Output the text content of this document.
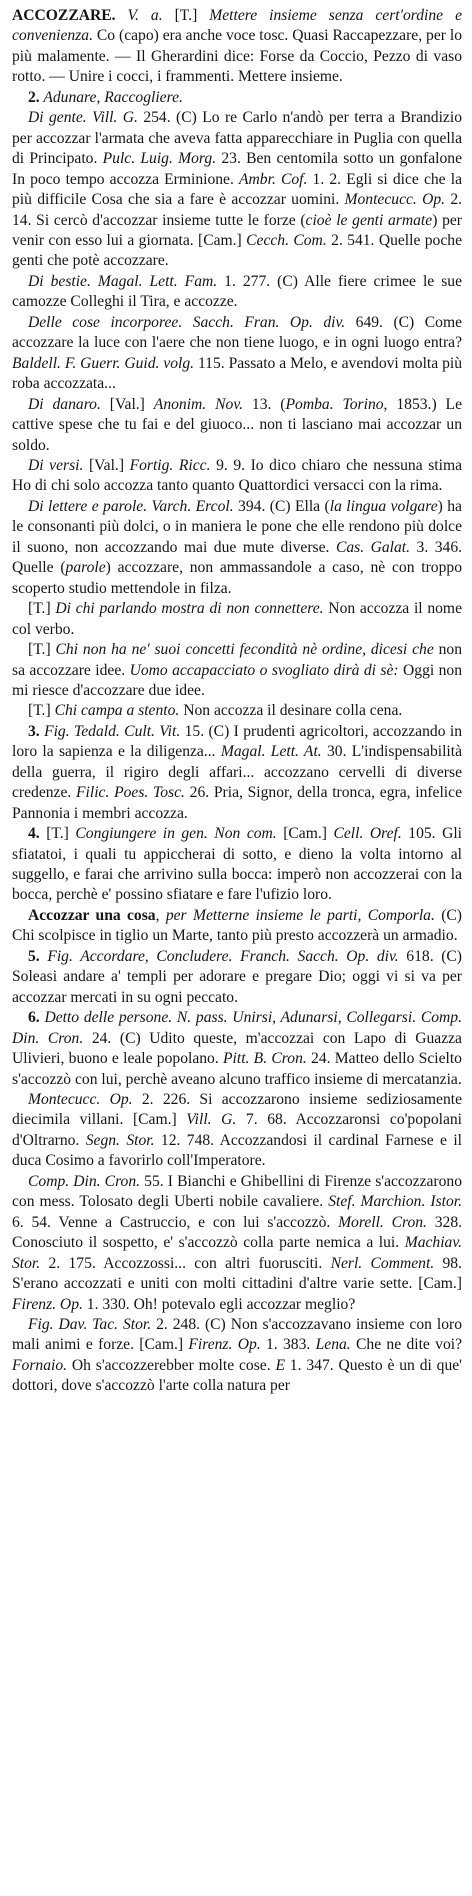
ACCOZZARE. V. a. [T.] Mettere insieme senza cert'ordine e convenienza. Co (capo) era anche voce tosc. Quasi Raccapezzare, per lo più malamente. — Il Gherardini dice: Forse da Coccio, Pezzo di vaso rotto. — Unire i cocci, i frammenti. Mettere insieme.

2. Adunare, Raccogliere.

Di gente. Vill. G. 254. (C) Lo re Carlo n'andò per terra a Brandizio per accozzar l'armata che aveva fatta apparecchiare in Puglia con quella di Principato. Pulc. Luig. Morg. 23. Ben centomila sotto un gonfalone In poco tempo accozza Erminione. Ambr. Cof. 1. 2. Egli si dice che la più difficile Cosa che sia a fare è accozzar uomini. Montecucc. Op. 2. 14. Si cercò d'accozzar insieme tutte le forze (cioè le genti armate) per venir con esso lui a giornata. [Cam.] Cecch. Com. 2. 541. Quelle poche genti che potè accozzare.

Di bestie. Magal. Lett. Fam. 1. 277. (C) Alle fiere crimee le sue camozze Colleghi il Tira, e accozze.

Delle cose incorporee. Sacch. Fran. Op. div. 649. (C) Come accozzare la luce con l'aere che non tiene luogo, e in ogni luogo entra? Baldell. F. Guerr. Guid. volg. 115. Passato a Melo, e avendovi molta più roba accozzata...

Di danaro. [Val.] Anonim. Nov. 13. (Pomba. Torino, 1853.) Le cattive spese che tu fai e del giuoco... non ti lasciano mai accozzar un soldo.

Di versi. [Val.] Fortig. Ricc. 9. 9. Io dico chiaro che nessuna stima Ho di chi solo accozza tanto quanto Quattordici versacci con la rima.

Di lettere e parole. Varch. Ercol. 394. (C) Ella (la lingua volgare) ha le consonanti più dolci, o in maniera le pone che elle rendono più dolce il suono, non accozzando mai due mute diverse. Cas. Galat. 3. 346. Quelle (parole) accozzare, non ammassandole a caso, nè con troppo scoperto studio mettendole in filza.

[T.] Di chi parlando mostra di non connettere. Non accozza il nome col verbo.

[T.] Chi non ha ne' suoi concetti fecondità nè ordine, dicesi che non sa accozzare idee. Uomo accapacciato o svogliato dirà di sè: Oggi non mi riesce d'accozzare due idee.

[T.] Chi campa a stento. Non accozza il desinare colla cena.

3. Fig. Tedald. Cult. Vit. 15. (C) I prudenti agricoltori, accozzando in loro la sapienza e la diligenza... Magal. Lett. At. 30. L'indispensabilità della guerra, il rigiro degli affari... accozzano cervelli di diverse credenze. Filic. Poes. Tosc. 26. Pria, Signor, della tronca, egra, infelice Pannonia i membri accozza.

4. [T.] Congiungere in gen. Non com. [Cam.] Cell. Oref. 105. Gli sfiatatoi, i quali tu appiccherai di sotto, e dieno la volta intorno al suggello, e farai che arrivino sulla bocca: imperò non accozzerai con la bocca, perchè e' possino sfiatare e fare l'ufizio loro.

Accozzar una cosa, per Metterne insieme le parti, Comporla. (C) Chi scolpisce in tiglio un Marte, tanto più presto accozzerà un armadio.

5. Fig. Accordare, Concludere. Franch. Sacch. Op. div. 618. (C) Soleasi andare a' templi per adorare e pregare Dio; oggi vi si va per accozzar mercati in su ogni peccato.

6. Detto delle persone. N. pass. Unirsi, Adunarsi, Collegarsi. Comp. Din. Cron. 24. (C) Udito queste, m'accozzai con Lapo di Guazza Ulivieri, buono e leale popolano. Pitt. B. Cron. 24. Matteo dello Scielto s'accozzò con lui, perchè aveano alcuno traffico insieme di mercatanzia.

Montecucc. Op. 2. 226. Si accozzarono insieme sediziosamente diecimila villani. [Cam.] Vill. G. 7. 68. Accozzaronsi co'popolani d'Oltrarno. Segn. Stor. 12. 748. Accozzandosi il cardinal Farnese e il duca Cosimo a favorirlo coll'Imperatore.

Comp. Din. Cron. 55. I Bianchi e Ghibellini di Firenze s'accozzarono con mess. Tolosato degli Uberti nobile cavaliere. Stef. Marchion. Istor. 6. 54. Venne a Castruccio, e con lui s'accozzò. Morell. Cron. 328. Conosciuto il sospetto, e' s'accozzò colla parte nemica a lui. Machiav. Stor. 2. 175. Accozzossi... con altri fuorusciti. Nerl. Comment. 98. S'erano accozzati e uniti con molti cittadini d'altre varie sette. [Cam.] Firenz. Op. 1. 330. Oh! potevalo egli accozzar meglio?

Fig. Dav. Tac. Stor. 2. 248. (C) Non s'accozzavano insieme con loro mali animi e forze. [Cam.] Firenz. Op. 1. 383. Lena. Che ne dite voi? Fornaio. Oh s'accozzerebber molte cose. E 1. 347. Questo è un di que' dottori, dove s'accozzò l'arte colla natura per
